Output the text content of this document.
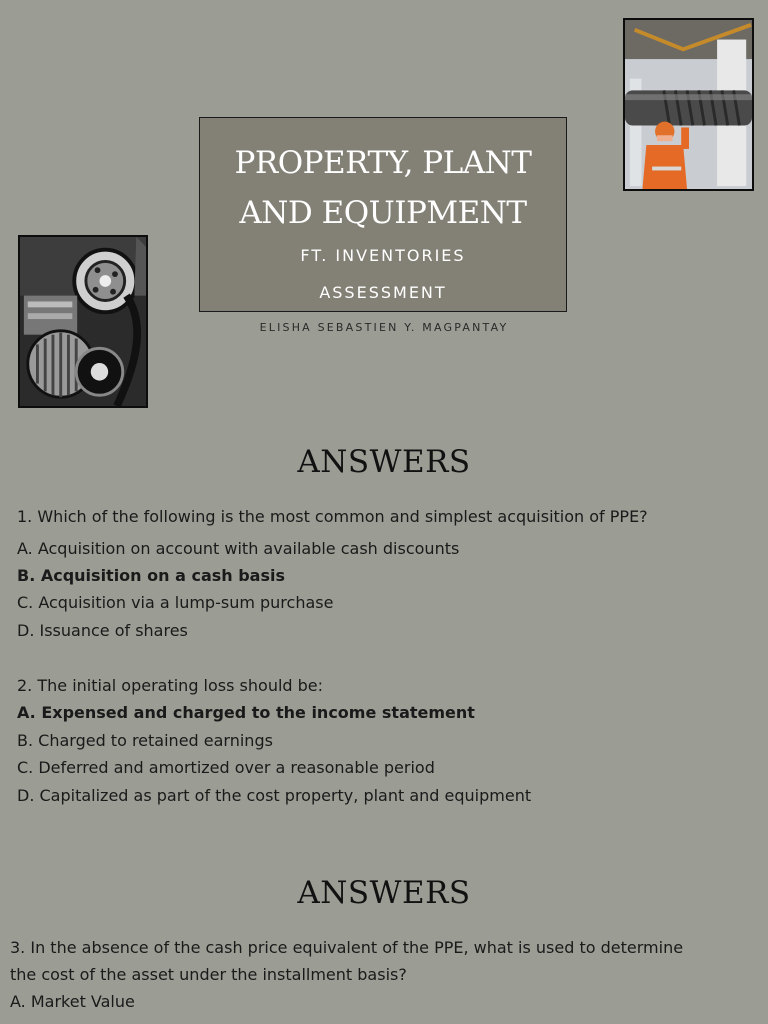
PROPERTY, PLANT
AND EQUIPMENT
FT. INVENTORIES
ASSESSMENT
ELISHA SEBASTIEN Y. MAGPANTAY
ANSWERS
1. Which of the following is the most common and simplest acquisition of PPE?
A. Acquisition on account with available cash discounts
B. Acquisition on a cash basis
C. Acquisition via a lump-sum purchase
D. Issuance of shares
2. The initial operating loss should be:
A. Expensed and charged to the income statement
B. Charged to retained earnings
C. Deferred and amortized over a reasonable period
D. Capitalized as part of the cost property, plant and equipment
ANSWERS
3. In the absence of the cash price equivalent of the PPE, what is used to determine
the cost of the asset under the installment basis?
A. Market Value
